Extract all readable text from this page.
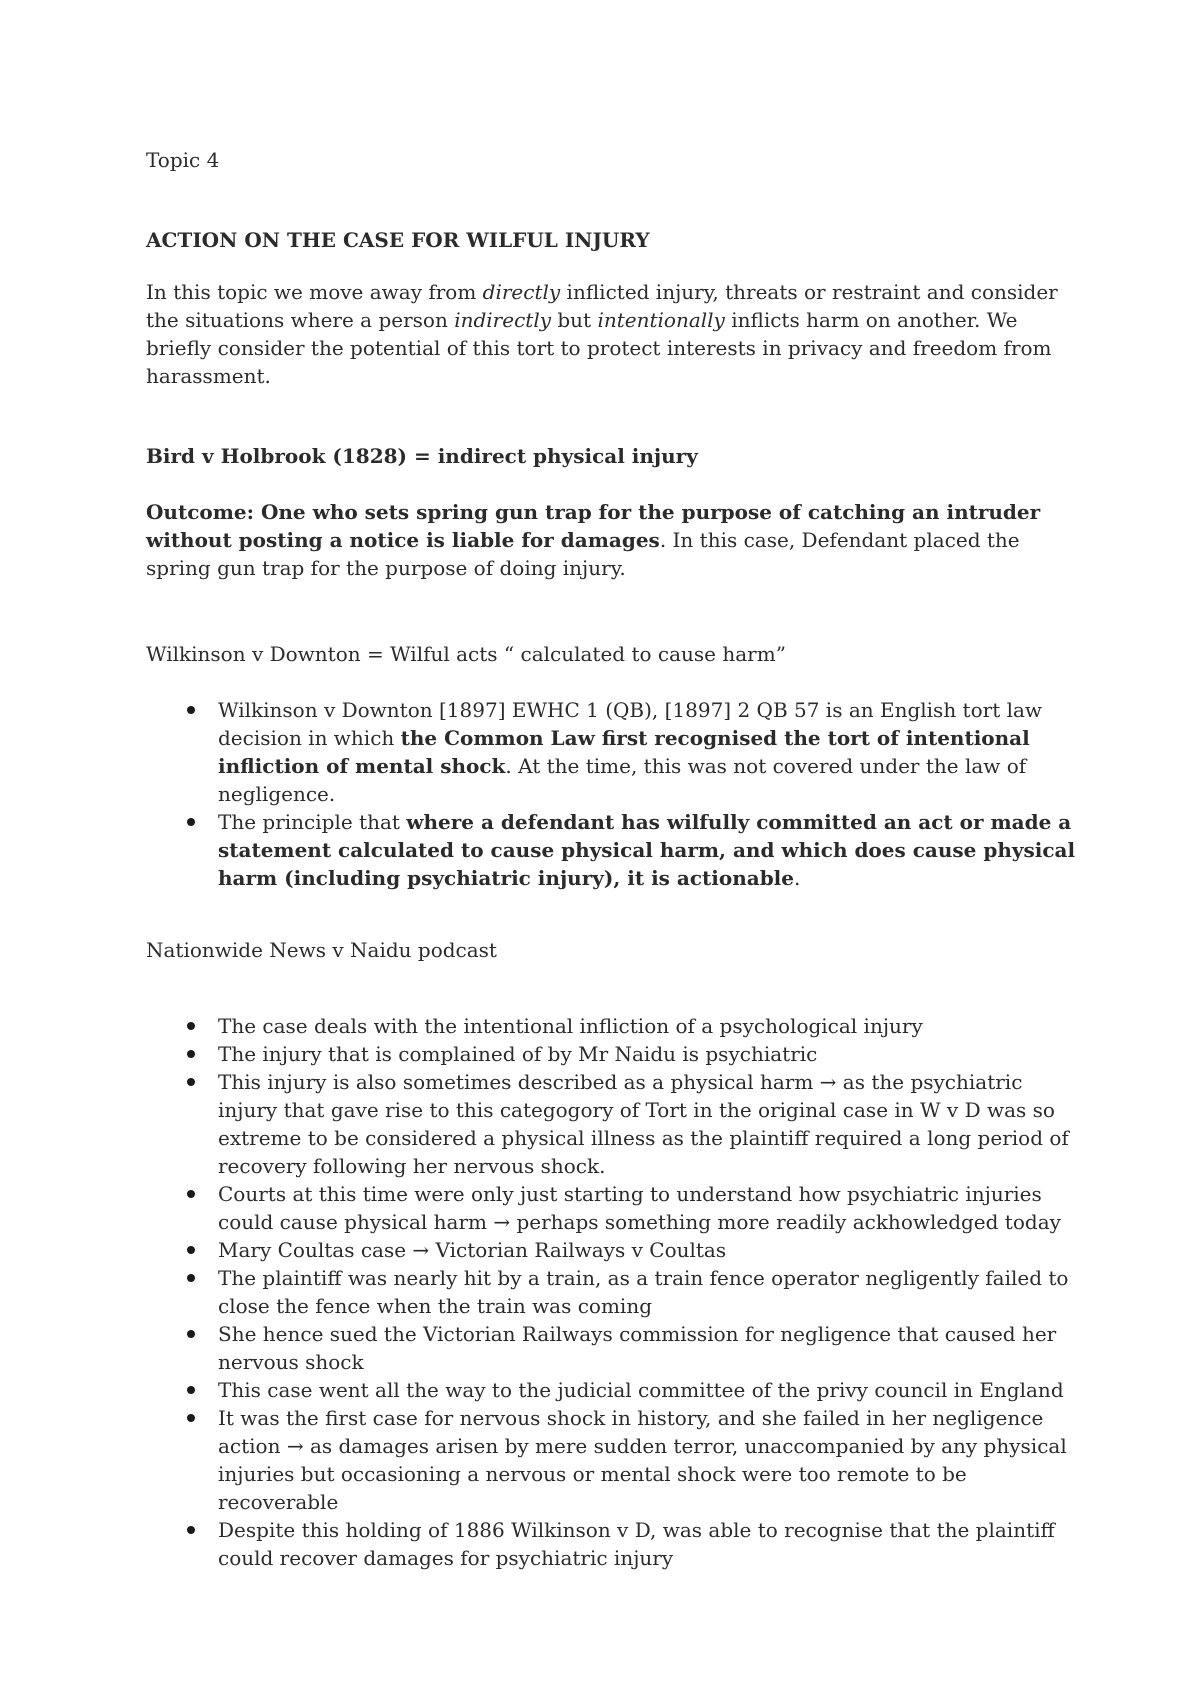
Topic 4

ACTION ON THE CASE FOR WILFUL INJURY

In this topic we move away from directly inflicted injury, threats or restraint and consider the situations where a person indirectly but intentionally inflicts harm on another. We briefly consider the potential of this tort to protect interests in privacy and freedom from harassment.

Bird v Holbrook (1828) = indirect physical injury

Outcome: One who sets spring gun trap for the purpose of catching an intruder without posting a notice is liable for damages. In this case, Defendant placed the spring gun trap for the purpose of doing injury.

Wilkinson v Downton = Wilful acts “ calculated to cause harm”

Wilkinson v Downton [1897] EWHC 1 (QB), [1897] 2 QB 57 is an English tort law decision in which the Common Law first recognised the tort of intentional infliction of mental shock. At the time, this was not covered under the law of negligence.
The principle that where a defendant has wilfully committed an act or made a statement calculated to cause physical harm, and which does cause physical harm (including psychiatric injury), it is actionable.

Nationwide News v Naidu podcast

The case deals with the intentional infliction of a psychological injury
The injury that is complained of by Mr Naidu is psychiatric
This injury is also sometimes described as a physical harm → as the psychiatric injury that gave rise to this categogory of Tort in the original case in W v D was so extreme to be considered a physical illness as the plaintiff required a long period of recovery following her nervous shock.
Courts at this time were only just starting to understand how psychiatric injuries could cause physical harm → perhaps something more readily ackhowledged today
Mary Coultas case → Victorian Railways v Coultas
The plaintiff was nearly hit by a train, as a train fence operator negligently failed to close the fence when the train was coming
She hence sued the Victorian Railways commission for negligence that caused her nervous shock
This case went all the way to the judicial committee of the privy council in England
It was the first case for nervous shock in history, and she failed in her negligence action → as damages arisen by mere sudden terror, unaccompanied by any physical injuries but occasioning a nervous or mental shock were too remote to be recoverable
Despite this holding of 1886 Wilkinson v D, was able to recognise that the plaintiff could recover damages for psychiatric injury
